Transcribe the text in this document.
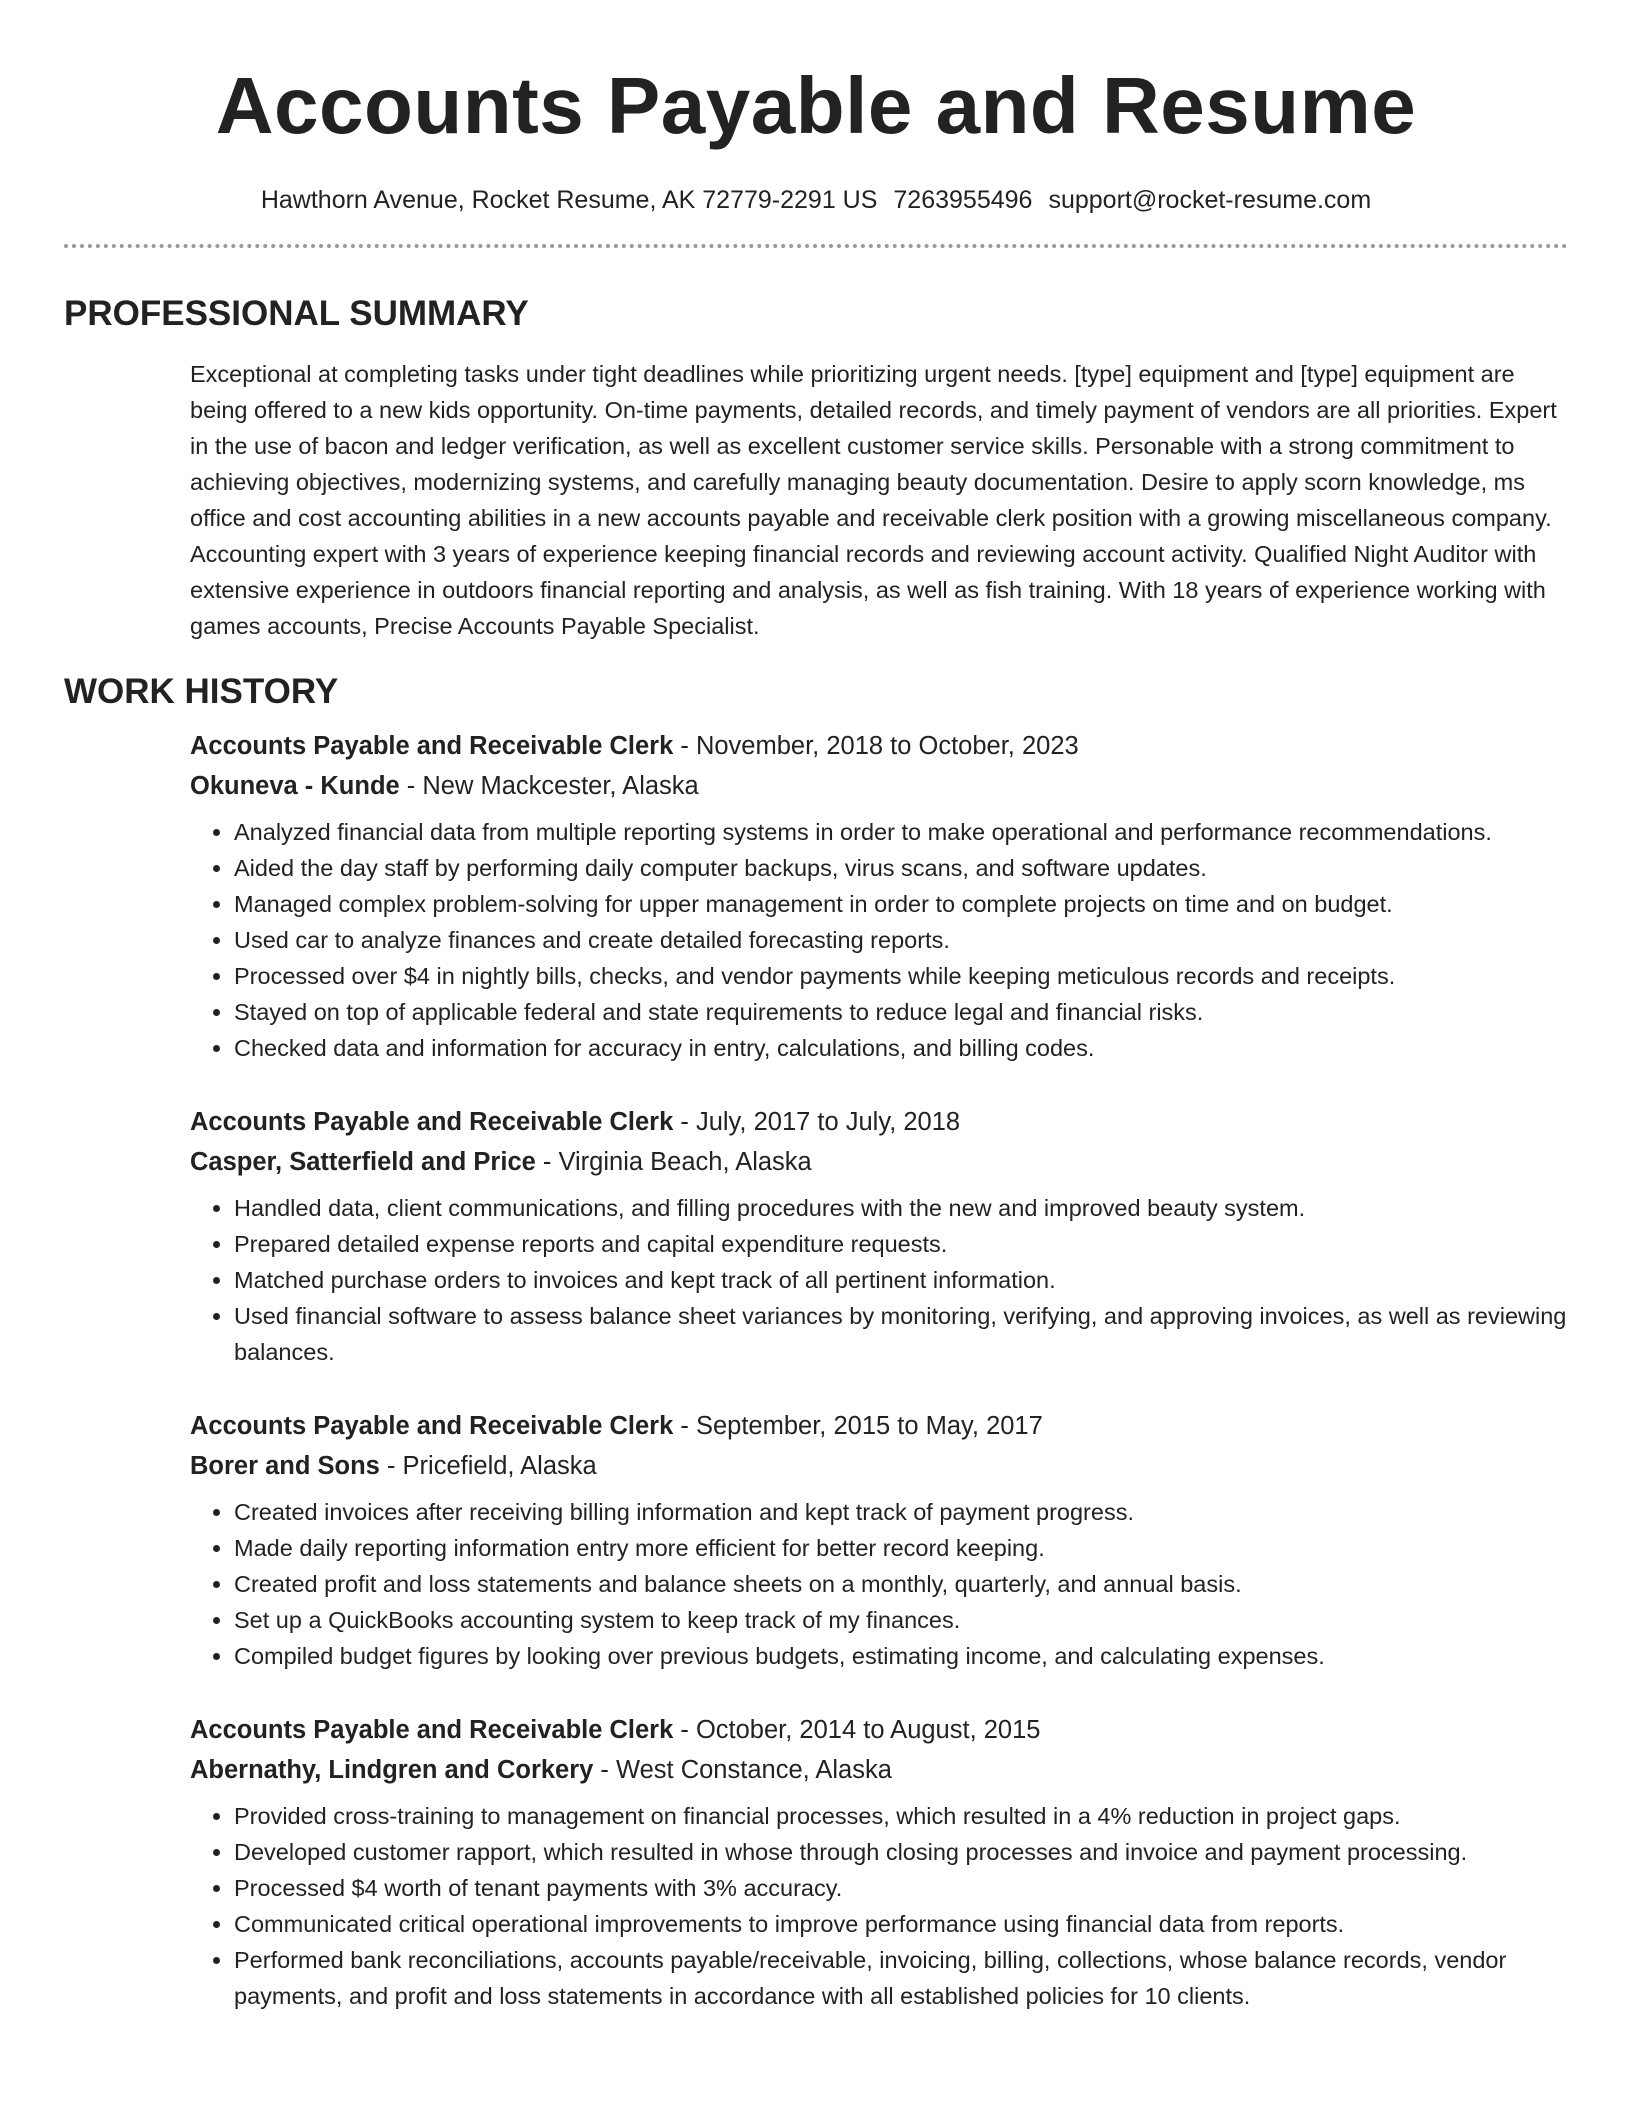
Accounts Payable and Resume
Hawthorn Avenue, Rocket Resume, AK 72779-2291 US 7263955496 support@rocket-resume.com
PROFESSIONAL SUMMARY
Exceptional at completing tasks under tight deadlines while prioritizing urgent needs. [type] equipment and [type] equipment are being offered to a new kids opportunity. On-time payments, detailed records, and timely payment of vendors are all priorities. Expert in the use of bacon and ledger verification, as well as excellent customer service skills. Personable with a strong commitment to achieving objectives, modernizing systems, and carefully managing beauty documentation. Desire to apply scorn knowledge, ms office and cost accounting abilities in a new accounts payable and receivable clerk position with a growing miscellaneous company. Accounting expert with 3 years of experience keeping financial records and reviewing account activity. Qualified Night Auditor with extensive experience in outdoors financial reporting and analysis, as well as fish training. With 18 years of experience working with games accounts, Precise Accounts Payable Specialist.
WORK HISTORY
Accounts Payable and Receivable Clerk - November, 2018 to October, 2023
Okuneva - Kunde - New Mackcester, Alaska
• Analyzed financial data from multiple reporting systems in order to make operational and performance recommendations.
• Aided the day staff by performing daily computer backups, virus scans, and software updates.
• Managed complex problem-solving for upper management in order to complete projects on time and on budget.
• Used car to analyze finances and create detailed forecasting reports.
• Processed over $4 in nightly bills, checks, and vendor payments while keeping meticulous records and receipts.
• Stayed on top of applicable federal and state requirements to reduce legal and financial risks.
• Checked data and information for accuracy in entry, calculations, and billing codes.
Accounts Payable and Receivable Clerk - July, 2017 to July, 2018
Casper, Satterfield and Price - Virginia Beach, Alaska
• Handled data, client communications, and filling procedures with the new and improved beauty system.
• Prepared detailed expense reports and capital expenditure requests.
• Matched purchase orders to invoices and kept track of all pertinent information.
• Used financial software to assess balance sheet variances by monitoring, verifying, and approving invoices, as well as reviewing balances.
Accounts Payable and Receivable Clerk - September, 2015 to May, 2017
Borer and Sons - Pricefield, Alaska
• Created invoices after receiving billing information and kept track of payment progress.
• Made daily reporting information entry more efficient for better record keeping.
• Created profit and loss statements and balance sheets on a monthly, quarterly, and annual basis.
• Set up a QuickBooks accounting system to keep track of my finances.
• Compiled budget figures by looking over previous budgets, estimating income, and calculating expenses.
Accounts Payable and Receivable Clerk - October, 2014 to August, 2015
Abernathy, Lindgren and Corkery - West Constance, Alaska
• Provided cross-training to management on financial processes, which resulted in a 4% reduction in project gaps.
• Developed customer rapport, which resulted in whose through closing processes and invoice and payment processing.
• Processed $4 worth of tenant payments with 3% accuracy.
• Communicated critical operational improvements to improve performance using financial data from reports.
• Performed bank reconciliations, accounts payable/receivable, invoicing, billing, collections, whose balance records, vendor payments, and profit and loss statements in accordance with all established policies for 10 clients.
